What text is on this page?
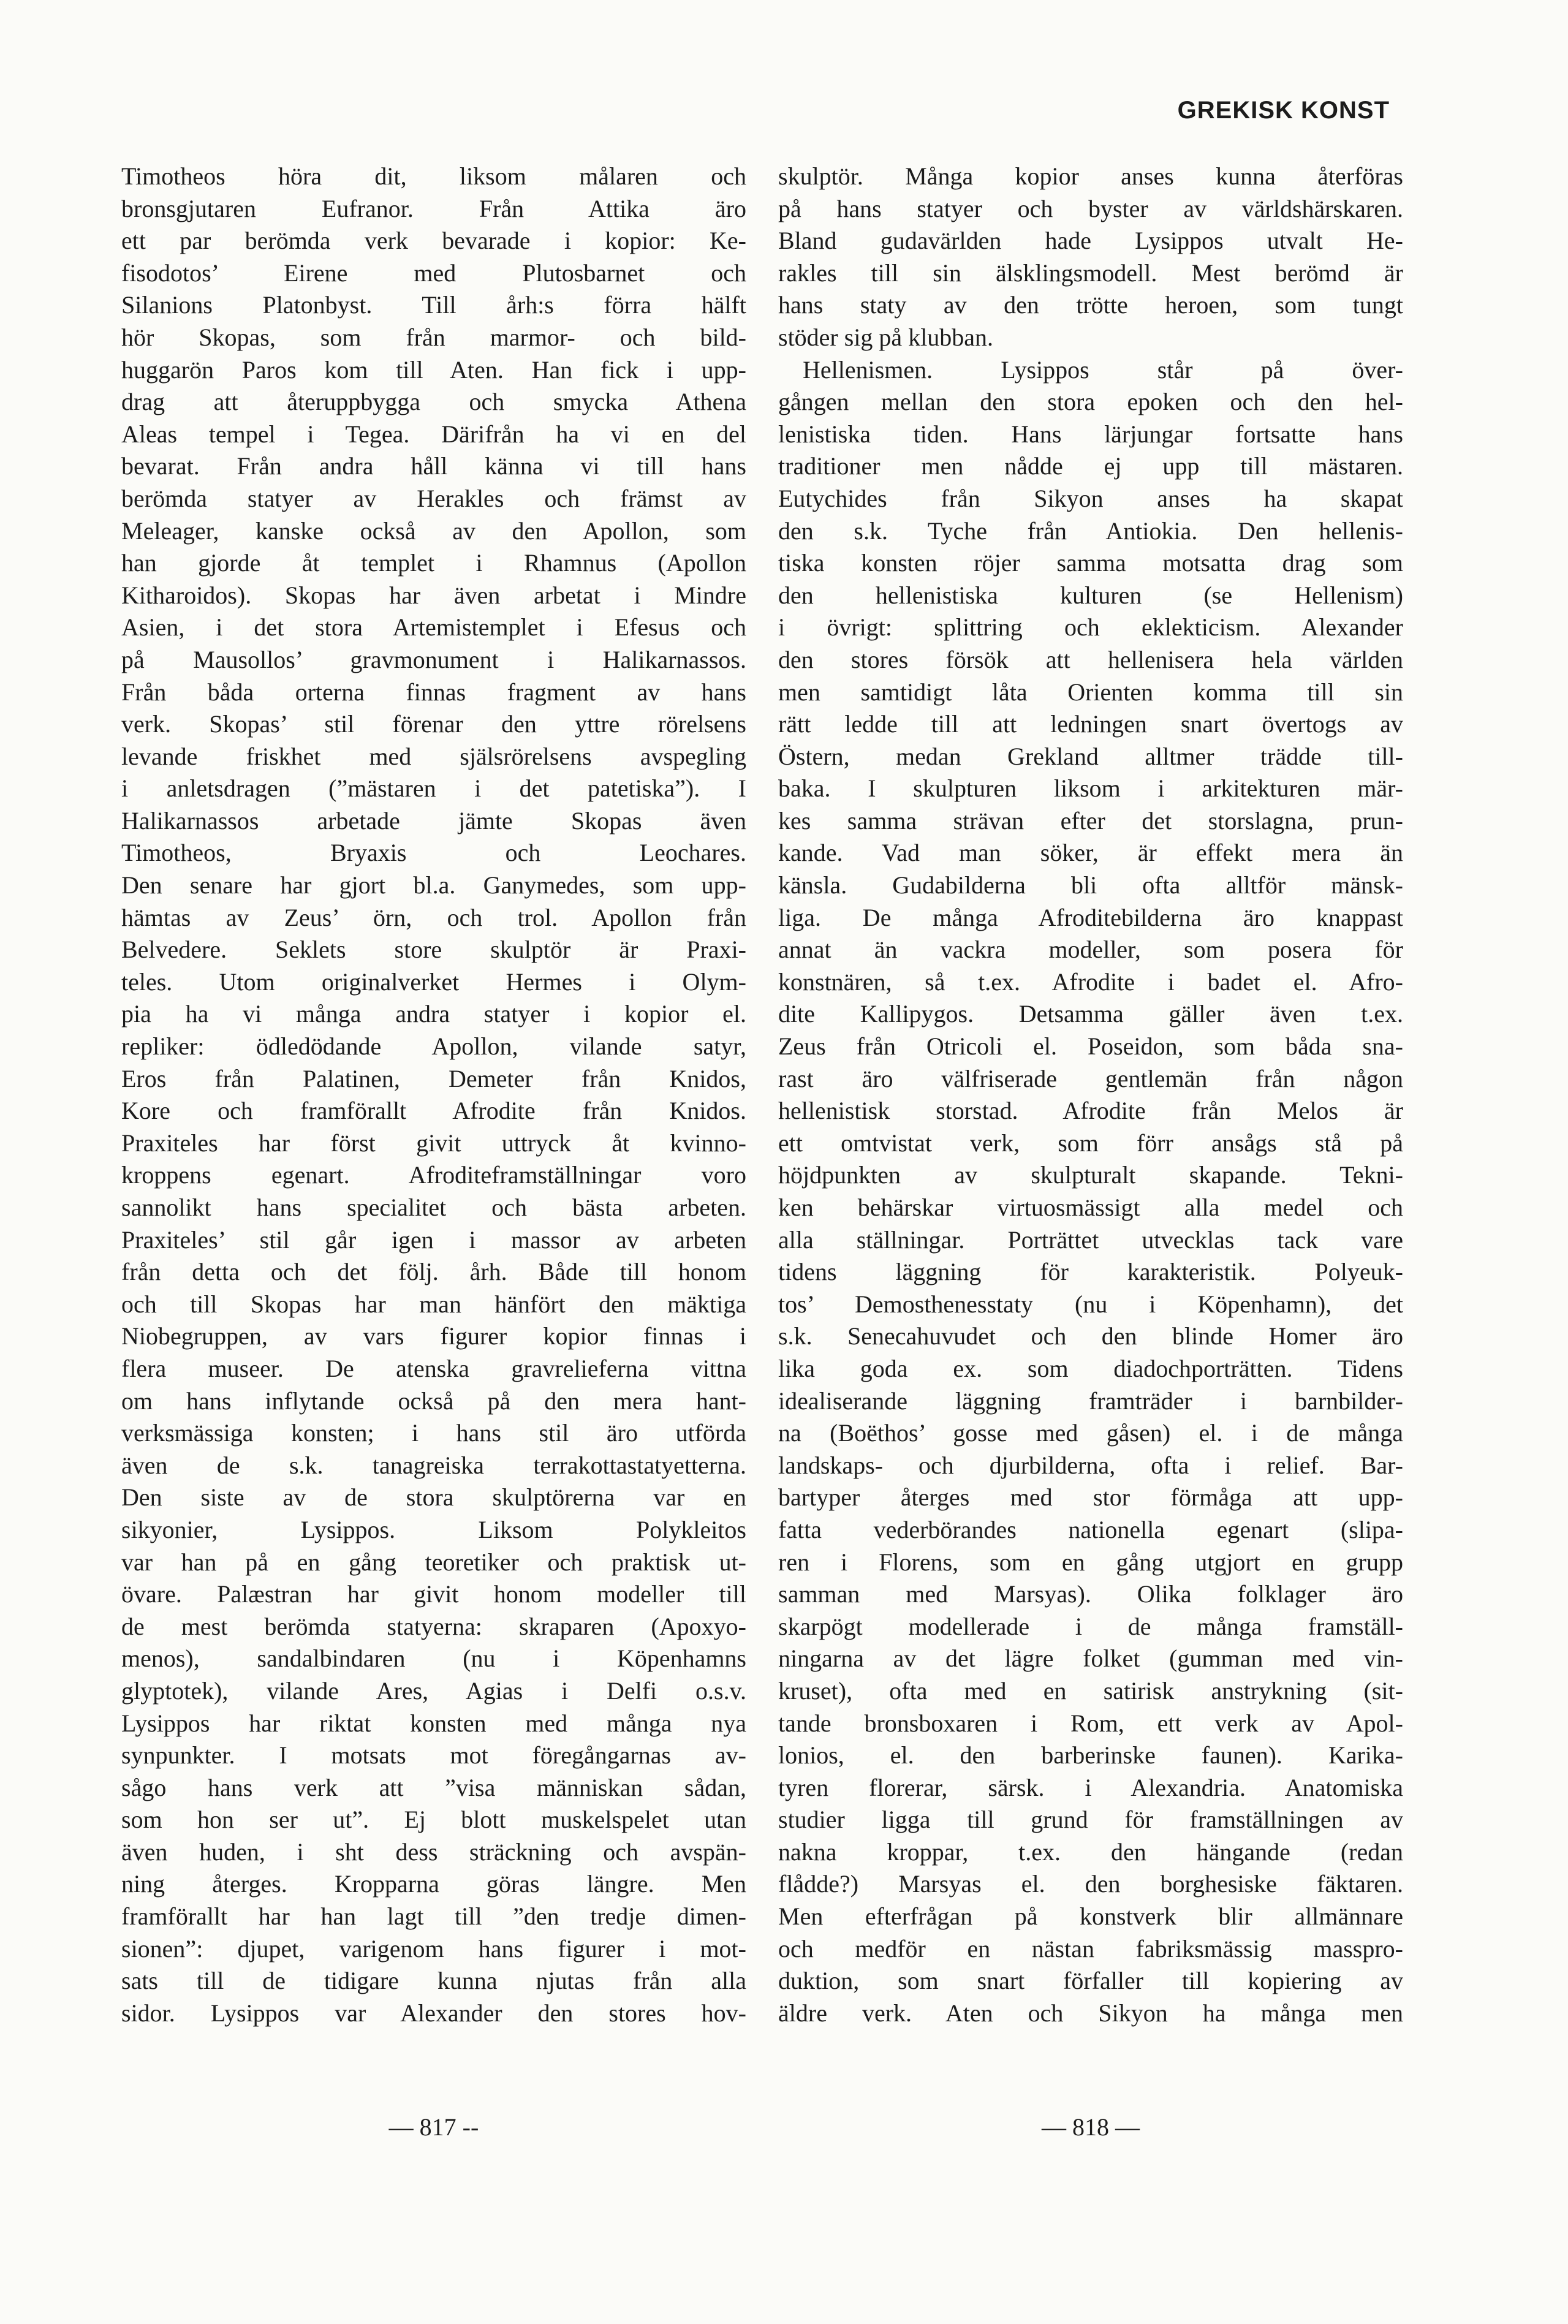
GREKISK KONST
Timotheos höra dit, liksom målaren och
bronsgjutaren Eufranor. Från Attika äro
ett par berömda verk bevarade i kopior: Ke-
fisodotos’ Eirene med Plutosbarnet och
Silanions Platonbyst. Till årh:s förra hälft
hör Skopas, som från marmor- och bild-
huggarön Paros kom till Aten. Han fick i upp-
drag att återuppbygga och smycka Athena
Aleas tempel i Tegea. Därifrån ha vi en del
bevarat. Från andra håll känna vi till hans
berömda statyer av Herakles och främst av
Meleager, kanske också av den Apollon, som
han gjorde åt templet i Rhamnus (Apollon
Kitharoidos). Skopas har även arbetat i Mindre
Asien, i det stora Artemistemplet i Efesus och
på Mausollos’ gravmonument i Halikarnassos.
Från båda orterna finnas fragment av hans
verk. Skopas’ stil förenar den yttre rörelsens
levande friskhet med själsrörelsens avspegling
i anletsdragen (”mästaren i det patetiska”). I
Halikarnassos arbetade jämte Skopas även
Timotheos, Bryaxis och Leochares.
Den senare har gjort bl.a. Ganymedes, som upp-
hämtas av Zeus’ örn, och trol. Apollon från
Belvedere. Seklets store skulptör är Praxi-
teles. Utom originalverket Hermes i Olym-
pia ha vi många andra statyer i kopior el.
repliker: ödledödande Apollon, vilande satyr,
Eros från Palatinen, Demeter från Knidos,
Kore och framförallt Afrodite från Knidos.
Praxiteles har först givit uttryck åt kvinno-
kroppens egenart. Afroditeframställningar voro
sannolikt hans specialitet och bästa arbeten.
Praxiteles’ stil går igen i massor av arbeten
från detta och det följ. årh. Både till honom
och till Skopas har man hänfört den mäktiga
Niobegruppen, av vars figurer kopior finnas i
flera museer. De atenska gravrelieferna vittna
om hans inflytande också på den mera hant-
verksmässiga konsten; i hans stil äro utförda
även de s.k. tanagreiska terrakottastatyetterna.
Den siste av de stora skulptörerna var en
sikyonier, Lysippos. Liksom Polykleitos
var han på en gång teoretiker och praktisk ut-
övare. Palæstran har givit honom modeller till
de mest berömda statyerna: skraparen (Apoxyo-
menos), sandalbindaren (nu i Köpenhamns
glyptotek), vilande Ares, Agias i Delfi o.s.v.
Lysippos har riktat konsten med många nya
synpunkter. I motsats mot föregångarnas av-
sågo hans verk att ”visa människan sådan,
som hon ser ut”. Ej blott muskelspelet utan
även huden, i sht dess sträckning och avspän-
ning återges. Kropparna göras längre. Men
framförallt har han lagt till ”den tredje dimen-
sionen”: djupet, varigenom hans figurer i mot-
sats till de tidigare kunna njutas från alla
sidor. Lysippos var Alexander den stores hov-
skulptör. Många kopior anses kunna återföras
på hans statyer och byster av världshärskaren.
Bland gudavärlden hade Lysippos utvalt He-
rakles till sin älsklingsmodell. Mest berömd är
hans staty av den trötte heroen, som tungt
stöder sig på klubban.
Hellenismen. Lysippos står på över-
gången mellan den stora epoken och den hel-
lenistiska tiden. Hans lärjungar fortsatte hans
traditioner men nådde ej upp till mästaren.
Eutychides från Sikyon anses ha skapat
den s.k. Tyche från Antiokia. Den hellenis-
tiska konsten röjer samma motsatta drag som
den hellenistiska kulturen (se Hellenism)
i övrigt: splittring och eklekticism. Alexander
den stores försök att hellenisera hela världen
men samtidigt låta Orienten komma till sin
rätt ledde till att ledningen snart övertogs av
Östern, medan Grekland alltmer trädde till-
baka. I skulpturen liksom i arkitekturen mär-
kes samma strävan efter det storslagna, prun-
kande. Vad man söker, är effekt mera än
känsla. Gudabilderna bli ofta alltför mänsk-
liga. De många Afroditebilderna äro knappast
annat än vackra modeller, som posera för
konstnären, så t.ex. Afrodite i badet el. Afro-
dite Kallipygos. Detsamma gäller även t.ex.
Zeus från Otricoli el. Poseidon, som båda sna-
rast äro välfriserade gentlemän från någon
hellenistisk storstad. Afrodite från Melos är
ett omtvistat verk, som förr ansågs stå på
höjdpunkten av skulpturalt skapande. Tekni-
ken behärskar virtuosmässigt alla medel och
alla ställningar. Porträttet utvecklas tack vare
tidens läggning för karakteristik. Polyeuk-
tos’ Demosthenesstaty (nu i Köpenhamn), det
s.k. Senecahuvudet och den blinde Homer äro
lika goda ex. som diadochporträtten. Tidens
idealiserande läggning framträder i barnbilder-
na (Boëthos’ gosse med gåsen) el. i de många
landskaps- och djurbilderna, ofta i relief. Bar-
bartyper återges med stor förmåga att upp-
fatta vederbörandes nationella egenart (slipa-
ren i Florens, som en gång utgjort en grupp
samman med Marsyas). Olika folklager äro
skarpögt modellerade i de många framställ-
ningarna av det lägre folket (gumman med vin-
kruset), ofta med en satirisk anstrykning (sit-
tande bronsboxaren i Rom, ett verk av Apol-
lonios, el. den barberinske faunen). Karika-
tyren florerar, särsk. i Alexandria. Anatomiska
studier ligga till grund för framställningen av
nakna kroppar, t.ex. den hängande (redan
flådde?) Marsyas el. den borghesiske fäktaren.
Men efterfrågan på konstverk blir allmännare
och medför en nästan fabriksmässig masspro-
duktion, som snart förfaller till kopiering av
äldre verk. Aten och Sikyon ha många men
— 817 --	— 818 —
